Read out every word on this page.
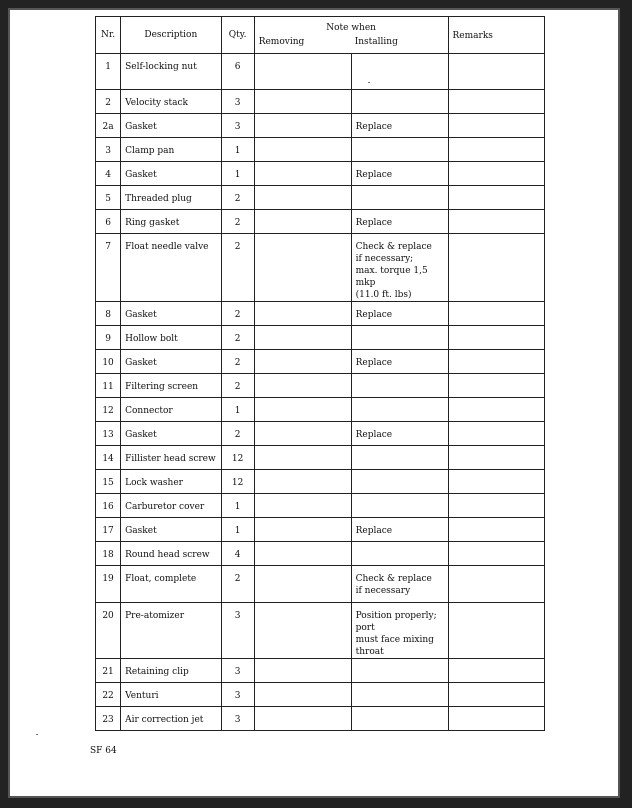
Nr.	Description	Qty.	Note when
Removing Installing		Remarks

1	Self-locking nut	6			
2	Velocity stack	3			
2a	Gasket	3		Replace	
3	Clamp pan	1			
4	Gasket	1		Replace	
5	Threaded plug	2			
6	Ring gasket	2		Replace	
7	Float needle valve	2		Check & replace
if necessary;
max. torque 1,5 mkp
(11.0 ft. lbs)	
8	Gasket	2		Replace	
9	Hollow bolt	2			
10	Gasket	2		Replace	
11	Filtering screen	2			
12	Connector	1			
13	Gasket	2		Replace	
14	Fillister head screw	12			
15	Lock washer	12			
16	Carburetor cover	1			
17	Gasket	1		Replace	
18	Round head screw	4			
19	Float, complete	2		Check & replace
if necessary	
20	Pre-atomizer	3		Position properly; port
must face mixing throat	
21	Retaining clip	3			
22	Venturi	3			
23	Air correction jet	3			
SF 64
